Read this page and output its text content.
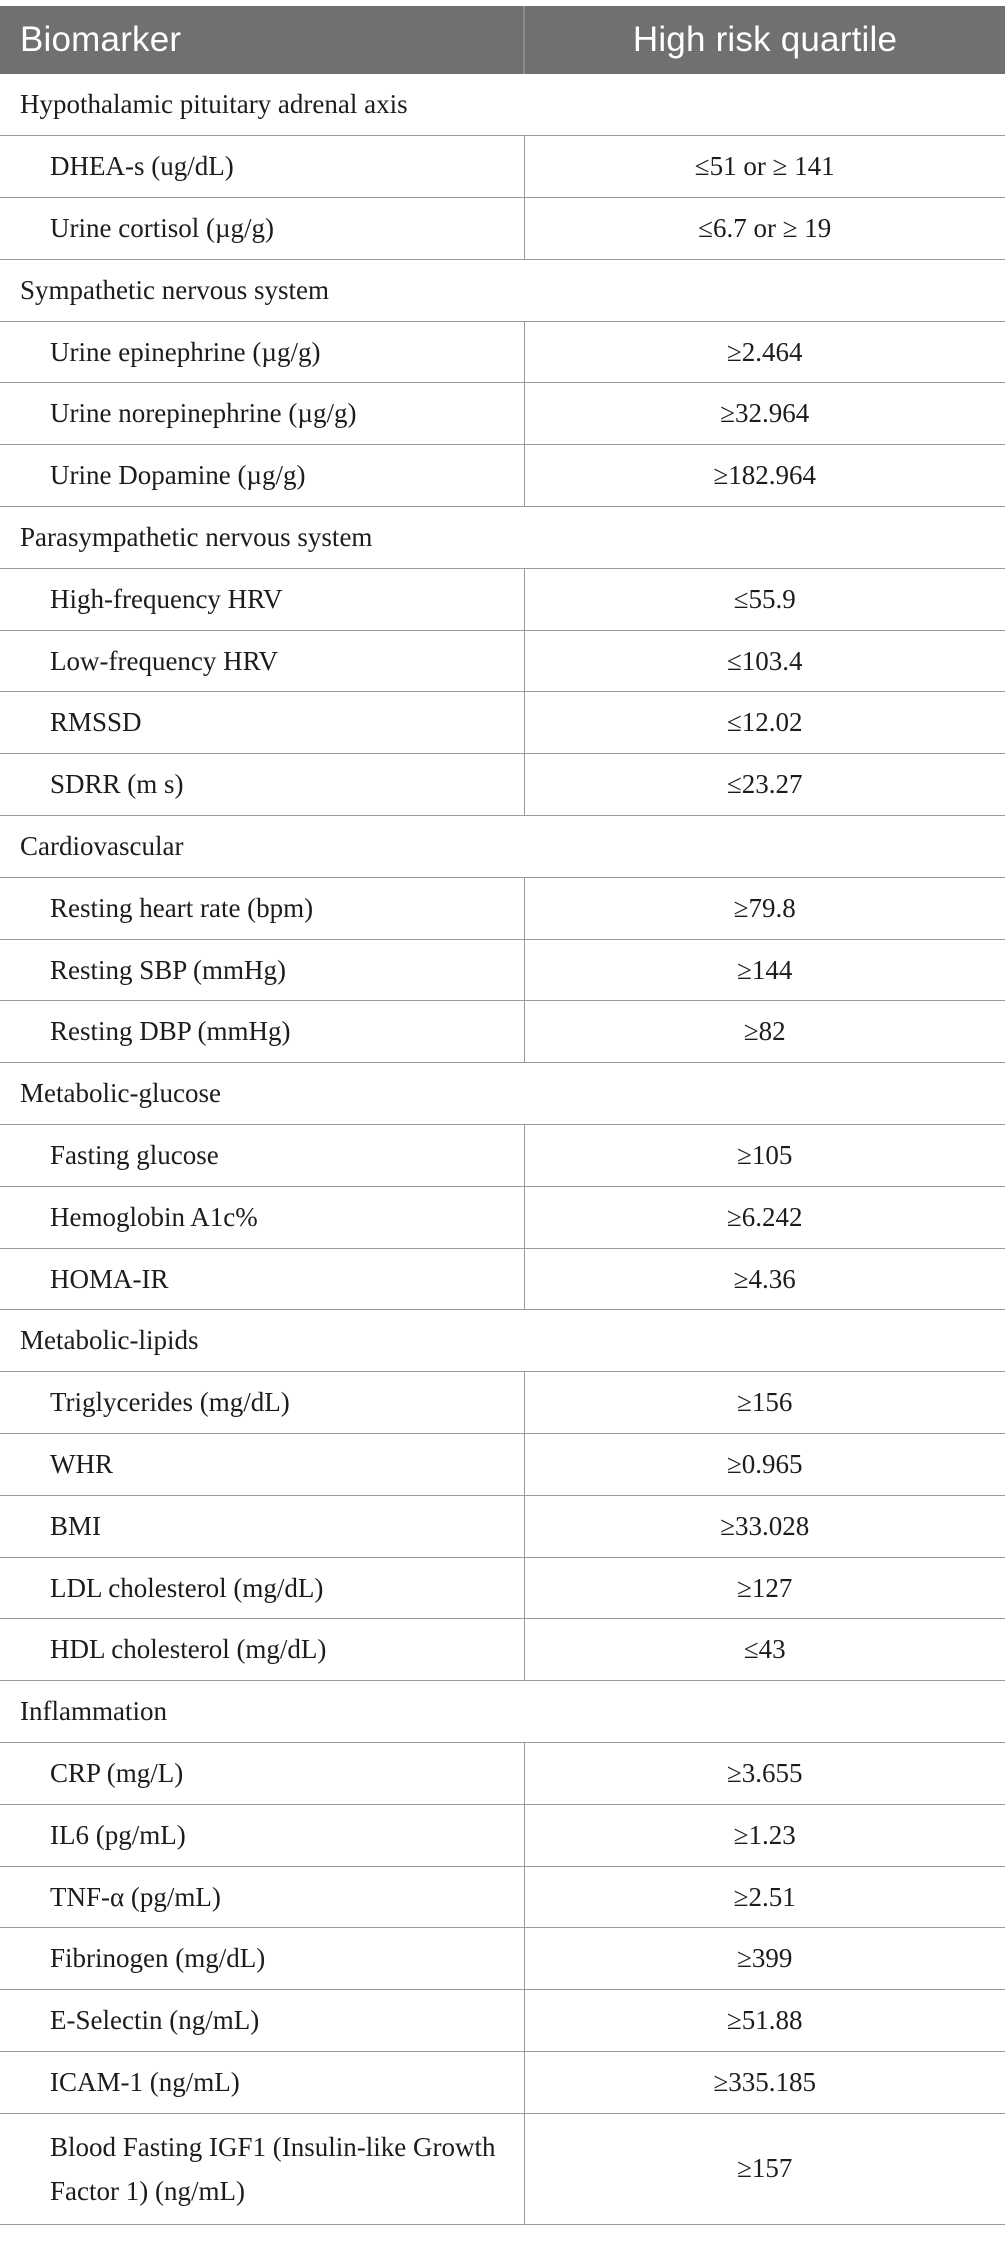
Biomarker	High risk quartile
Hypothalamic pituitary adrenal axis	
DHEA-s (ug/dL)	≤51 or ≥ 141
Urine cortisol (µg/g)	≤6.7 or ≥ 19
Sympathetic nervous system	
Urine epinephrine (µg/g)	≥2.464
Urine norepinephrine (µg/g)	≥32.964
Urine Dopamine (µg/g)	≥182.964
Parasympathetic nervous system	
High-frequency HRV	≤55.9
Low-frequency HRV	≤103.4
RMSSD	≤12.02
SDRR (m s)	≤23.27
Cardiovascular	
Resting heart rate (bpm)	≥79.8
Resting SBP (mmHg)	≥144
Resting DBP (mmHg)	≥82
Metabolic-glucose	
Fasting glucose	≥105
Hemoglobin A1c%	≥6.242
HOMA-IR	≥4.36
Metabolic-lipids	
Triglycerides (mg/dL)	≥156
WHR	≥0.965
BMI	≥33.028
LDL cholesterol (mg/dL)	≥127
HDL cholesterol (mg/dL)	≤43
Inflammation	
CRP (mg/L)	≥3.655
IL6 (pg/mL)	≥1.23
TNF-α (pg/mL)	≥2.51
Fibrinogen (mg/dL)	≥399
E-Selectin (ng/mL)	≥51.88
ICAM-1 (ng/mL)	≥335.185
Blood Fasting IGF1 (Insulin-like Growth Factor 1) (ng/mL)	≥157
